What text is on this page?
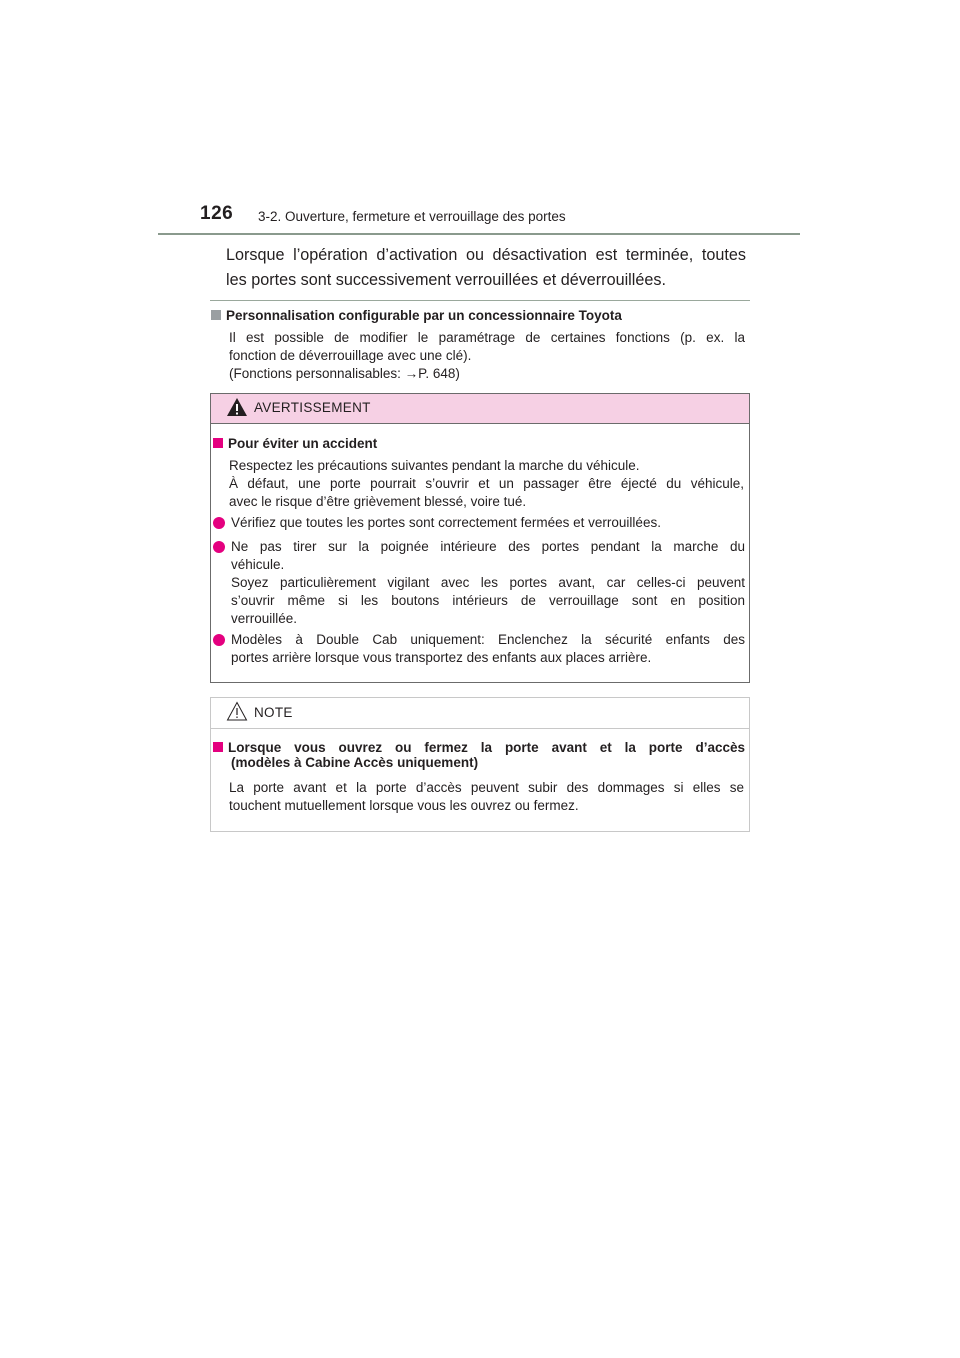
126 3-2. Ouverture, fermeture et verrouillage des portes
Lorsque l’opération d’activation ou désactivation est terminée, toutes
les portes sont successivement verrouillées et déverrouillées.
Personnalisation configurable par un concessionnaire Toyota

Il est possible de modifier le paramétrage de certaines fonctions (p. ex. la

fonction de déverrouillage avec une clé).

(Fonctions personnalisables: →P. 648)
AVERTISSEMENT
Pour éviter un accident

Respectez les précautions suivantes pendant la marche du véhicule.

À défaut, une porte pourrait s’ouvrir et un passager être éjecté du véhicule,

avec le risque d’être grièvement blessé, voire tué.

Vérifiez que toutes les portes sont correctement fermées et verrouillées.

Ne pas tirer sur la poignée intérieure des portes pendant la marche du

véhicule.

Soyez particulièrement vigilant avec les portes avant, car celles-ci peuvent

s’ouvrir même si les boutons intérieurs de verrouillage sont en position

verrouillée.

Modèles à Double Cab uniquement: Enclenchez la sécurité enfants des

portes arrière lorsque vous transportez des enfants aux places arrière.

NOTE
Lorsque vous ouvrez ou fermez la porte avant et la porte d’accès
(modèles à Cabine Accès uniquement)

La porte avant et la porte d’accès peuvent subir des dommages si elles se

touchent mutuellement lorsque vous les ouvrez ou fermez.
